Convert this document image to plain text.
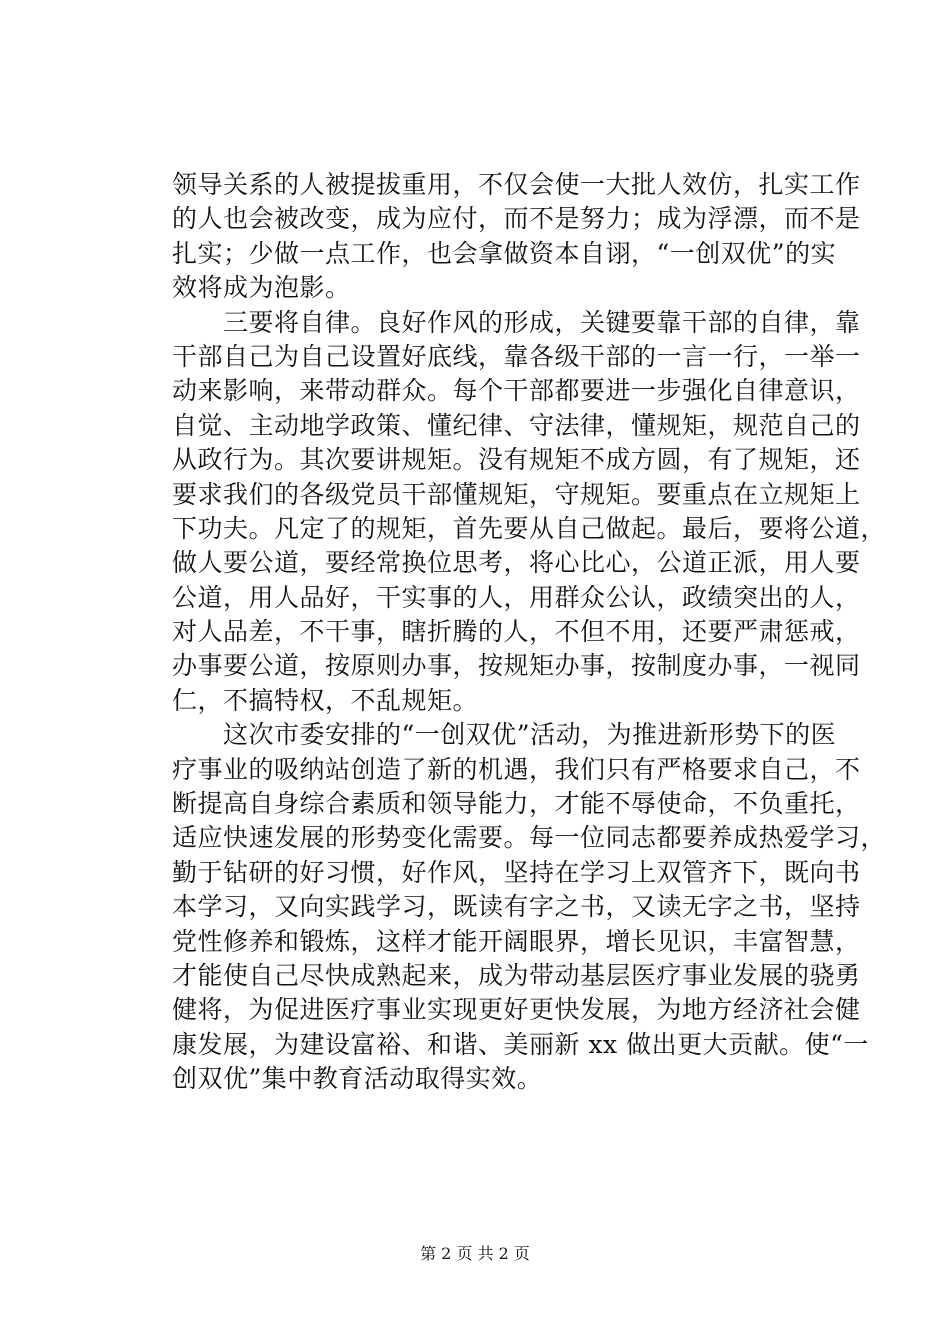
领导关系的人被提拔重用，不仅会使一大批人效仿，扎实工作
的人也会被改变，成为应付，而不是努力；成为浮漂，而不是
扎实；少做一点工作，也会拿做资本自诩，“一创双优”的实
效将成为泡影。
　　三要将自律。良好作风的形成，关键要靠干部的自律，靠
干部自己为自己设置好底线，靠各级干部的一言一行，一举一
动来影响，来带动群众。每个干部都要进一步强化自律意识，
自觉、主动地学政策、懂纪律、守法律，懂规矩，规范自己的
从政行为。其次要讲规矩。没有规矩不成方圆，有了规矩，还
要求我们的各级党员干部懂规矩，守规矩。要重点在立规矩上
下功夫。凡定了的规矩，首先要从自己做起。最后，要将公道，
做人要公道，要经常换位思考，将心比心，公道正派，用人要
公道，用人品好，干实事的人，用群众公认，政绩突出的人，
对人品差，不干事，瞎折腾的人，不但不用，还要严肃惩戒，
办事要公道，按原则办事，按规矩办事，按制度办事，一视同
仁，不搞特权，不乱规矩。
　　这次市委安排的“一创双优”活动，为推进新形势下的医
疗事业的吸纳站创造了新的机遇，我们只有严格要求自己，不
断提高自身综合素质和领导能力，才能不辱使命，不负重托，
适应快速发展的形势变化需要。每一位同志都要养成热爱学习，
勤于钻研的好习惯，好作风，坚持在学习上双管齐下，既向书
本学习，又向实践学习，既读有字之书，又读无字之书，坚持
党性修养和锻炼，这样才能开阔眼界，增长见识，丰富智慧，
才能使自己尽快成熟起来，成为带动基层医疗事业发展的骁勇
健将，为促进医疗事业实现更好更快发展，为地方经济社会健
康发展，为建设富裕、和谐、美丽新 xx 做出更大贡献。使“一
创双优”集中教育活动取得实效。
第 2 页 共 2 页
